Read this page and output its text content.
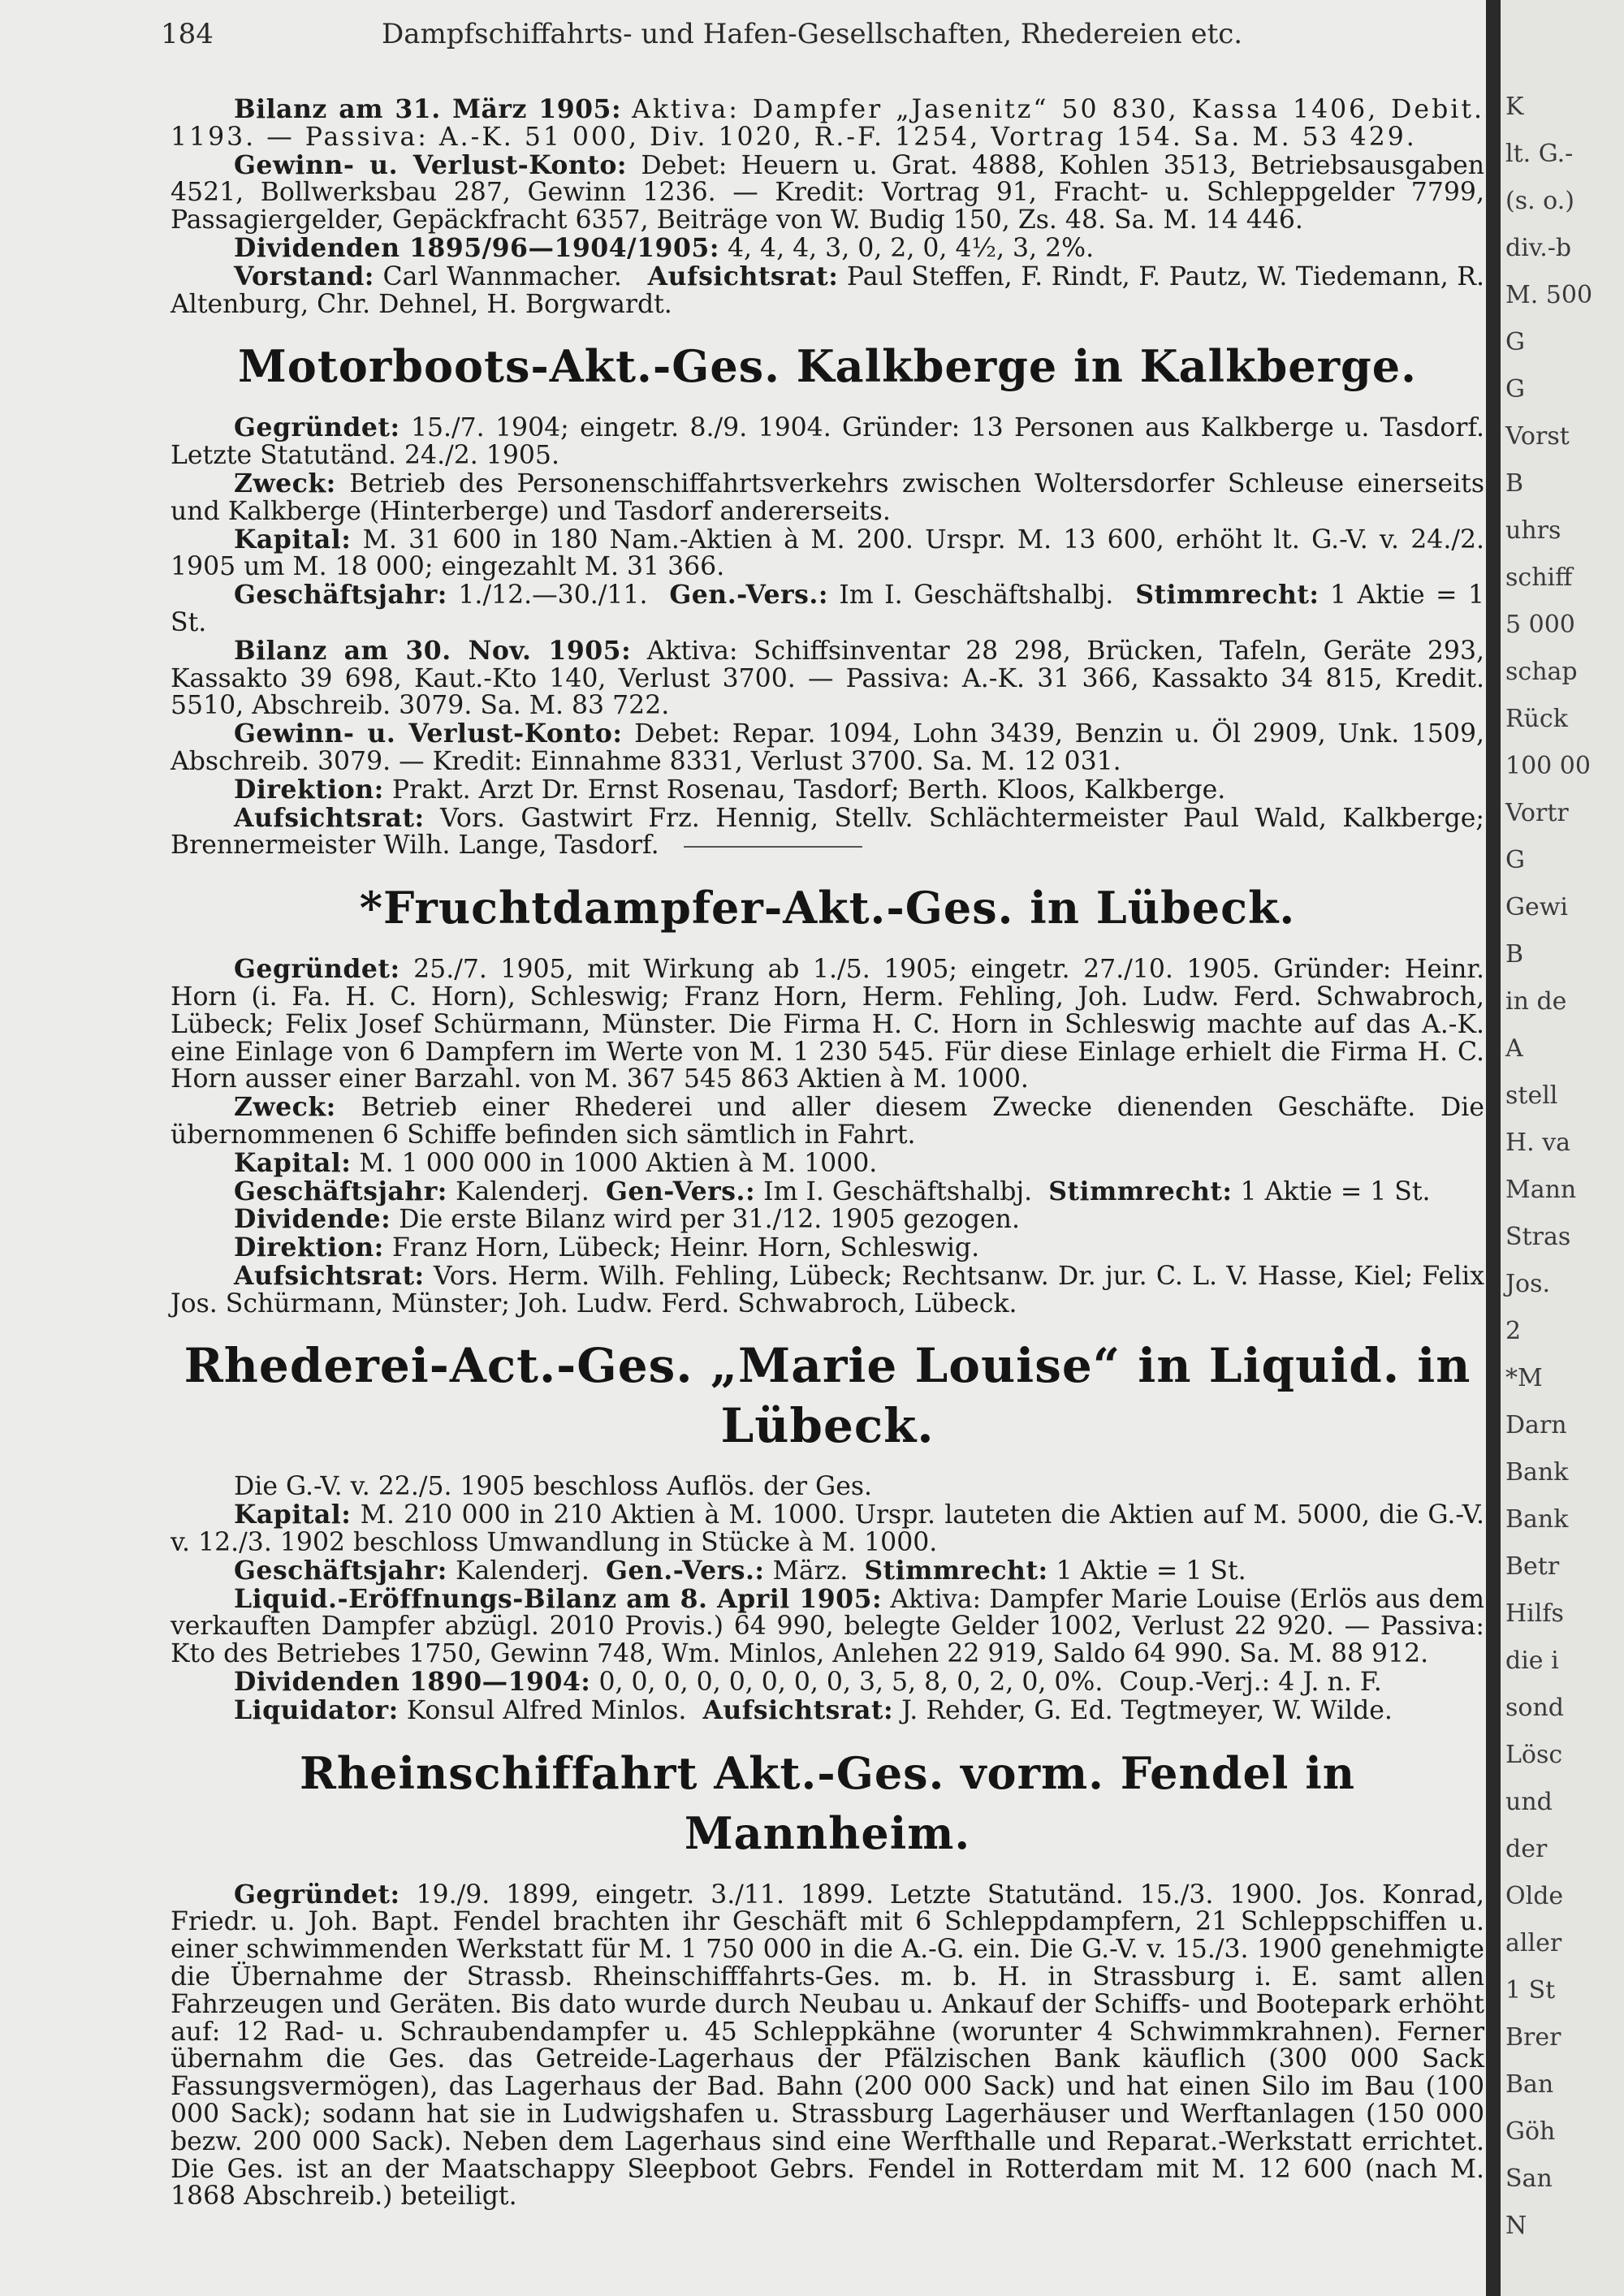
184	Dampfschiffahrts- und Hafen-Gesellschaften, Rhedereien etc.

Bilanz am 31. März 1905: Aktiva: Dampfer „Jasenitz“ 50 830, Kassa 1406, Debit. 1193. — Passiva: A.-K. 51 000, Div. 1020, R.-F. 1254, Vortrag 154. Sa. M. 53 429.

Gewinn- u. Verlust-Konto: Debet: Heuern u. Grat. 4888, Kohlen 3513, Betriebsausgaben 4521, Bollwerksbau 287, Gewinn 1236. — Kredit: Vortrag 91, Fracht- u. Schleppgelder 7799, Passagiergelder, Gepäckfracht 6357, Beiträge von W. Budig 150, Zs. 48. Sa. M. 14 446.

Dividenden 1895/96—1904/1905: 4, 4, 4, 3, 0, 2, 0, 4½, 3, 2%.

Vorstand: Carl Wannmacher. Aufsichtsrat: Paul Steffen, F. Rindt, F. Pautz, W. Tiedemann, R. Altenburg, Chr. Dehnel, H. Borgwardt.

Motorboots-Akt.-Ges. Kalkberge in Kalkberge.

Gegründet: 15./7. 1904; eingetr. 8./9. 1904. Gründer: 13 Personen aus Kalkberge u. Tasdorf. Letzte Statutänd. 24./2. 1905.

Zweck: Betrieb des Personenschiffahrtsverkehrs zwischen Woltersdorfer Schleuse einerseits und Kalkberge (Hinterberge) und Tasdorf andererseits.

Kapital: M. 31 600 in 180 Nam.-Aktien à M. 200. Urspr. M. 13 600, erhöht lt. G.-V. v. 24./2. 1905 um M. 18 000; eingezahlt M. 31 366.

Geschäftsjahr: 1./12.—30./11. Gen.-Vers.: Im I. Geschäftshalbj. Stimmrecht: 1 Aktie = 1 St.

Bilanz am 30. Nov. 1905: Aktiva: Schiffsinventar 28 298, Brücken, Tafeln, Geräte 293, Kassakto 39 698, Kaut.-Kto 140, Verlust 3700. — Passiva: A.-K. 31 366, Kassakto 34 815, Kredit. 5510, Abschreib. 3079. Sa. M. 83 722.

Gewinn- u. Verlust-Konto: Debet: Repar. 1094, Lohn 3439, Benzin u. Öl 2909, Unk. 1509, Abschreib. 3079. — Kredit: Einnahme 8331, Verlust 3700. Sa. M. 12 031.

Direktion: Prakt. Arzt Dr. Ernst Rosenau, Tasdorf; Berth. Kloos, Kalkberge.

Aufsichtsrat: Vors. Gastwirt Frz. Hennig, Stellv. Schlächtermeister Paul Wald, Kalkberge; Brennermeister Wilh. Lange, Tasdorf.

*Fruchtdampfer-Akt.-Ges. in Lübeck.

Gegründet: 25./7. 1905, mit Wirkung ab 1./5. 1905; eingetr. 27./10. 1905. Gründer: Heinr. Horn (i. Fa. H. C. Horn), Schleswig; Franz Horn, Herm. Fehling, Joh. Ludw. Ferd. Schwabroch, Lübeck; Felix Josef Schürmann, Münster. Die Firma H. C. Horn in Schleswig machte auf das A.-K. eine Einlage von 6 Dampfern im Werte von M. 1 230 545. Für diese Einlage erhielt die Firma H. C. Horn ausser einer Barzahl. von M. 367 545 863 Aktien à M. 1000.

Zweck: Betrieb einer Rhederei und aller diesem Zwecke dienenden Geschäfte. Die übernommenen 6 Schiffe befinden sich sämtlich in Fahrt.

Kapital: M. 1 000 000 in 1000 Aktien à M. 1000.

Geschäftsjahr: Kalenderj. Gen-Vers.: Im I. Geschäftshalbj. Stimmrecht: 1 Aktie = 1 St.

Dividende: Die erste Bilanz wird per 31./12. 1905 gezogen.

Direktion: Franz Horn, Lübeck; Heinr. Horn, Schleswig.

Aufsichtsrat: Vors. Herm. Wilh. Fehling, Lübeck; Rechtsanw. Dr. jur. C. L. V. Hasse, Kiel; Felix Jos. Schürmann, Münster; Joh. Ludw. Ferd. Schwabroch, Lübeck.

Rhederei-Act.-Ges. „Marie Louise“ in Liquid. in Lübeck.

Die G.-V. v. 22./5. 1905 beschloss Auflös. der Ges.

Kapital: M. 210 000 in 210 Aktien à M. 1000. Urspr. lauteten die Aktien auf M. 5000, die G.-V. v. 12./3. 1902 beschloss Umwandlung in Stücke à M. 1000.

Geschäftsjahr: Kalenderj. Gen.-Vers.: März. Stimmrecht: 1 Aktie = 1 St.

Liquid.-Eröffnungs-Bilanz am 8. April 1905: Aktiva: Dampfer Marie Louise (Erlös aus dem verkauften Dampfer abzügl. 2010 Provis.) 64 990, belegte Gelder 1002, Verlust 22 920. — Passiva: Kto des Betriebes 1750, Gewinn 748, Wm. Minlos, Anlehen 22 919, Saldo 64 990. Sa. M. 88 912.

Dividenden 1890—1904: 0, 0, 0, 0, 0, 0, 0, 0, 3, 5, 8, 0, 2, 0, 0%. Coup.-Verj.: 4 J. n. F.

Liquidator: Konsul Alfred Minlos. Aufsichtsrat: J. Rehder, G. Ed. Tegtmeyer, W. Wilde.

Rheinschiffahrt Akt.-Ges. vorm. Fendel in Mannheim.

Gegründet: 19./9. 1899, eingetr. 3./11. 1899. Letzte Statutänd. 15./3. 1900. Jos. Konrad, Friedr. u. Joh. Bapt. Fendel brachten ihr Geschäft mit 6 Schleppdampfern, 21 Schleppschiffen u. einer schwimmenden Werkstatt für M. 1 750 000 in die A.-G. ein. Die G.-V. v. 15./3. 1900 genehmigte die Übernahme der Strassb. Rheinschifffahrts-Ges. m. b. H. in Strassburg i. E. samt allen Fahrzeugen und Geräten. Bis dato wurde durch Neubau u. Ankauf der Schiffs- und Bootepark erhöht auf: 12 Rad- u. Schraubendampfer u. 45 Schleppkähne (worunter 4 Schwimmkrahnen). Ferner übernahm die Ges. das Getreide-Lagerhaus der Pfälzischen Bank käuflich (300 000 Sack Fassungsvermögen), das Lagerhaus der Bad. Bahn (200 000 Sack) und hat einen Silo im Bau (100 000 Sack); sodann hat sie in Ludwigshafen u. Strassburg Lagerhäuser und Werftanlagen (150 000 bezw. 200 000 Sack). Neben dem Lagerhaus sind eine Werfthalle und Reparat.-Werkstatt errichtet. Die Ges. ist an der Maatschappy Sleepboot Gebrs. Fendel in Rotterdam mit M. 12 600 (nach M. 1868 Abschreib.) beteiligt.

K
lt. G.-
(s. o.)
div.-b
M. 500
G
G
Vorst
B
uhrs
schiff
5 000
schap
Rück
100 00
Vortr
G
Gewi
B
in de
A
stell
H. va
Mann
Stras
Jos.
2
*M
Darn
Bank
Bank
Betr
Hilfs
die i
sond
Lösc
und
der
Olde
aller
1 St
Brer
Ban
Göh
San
N
